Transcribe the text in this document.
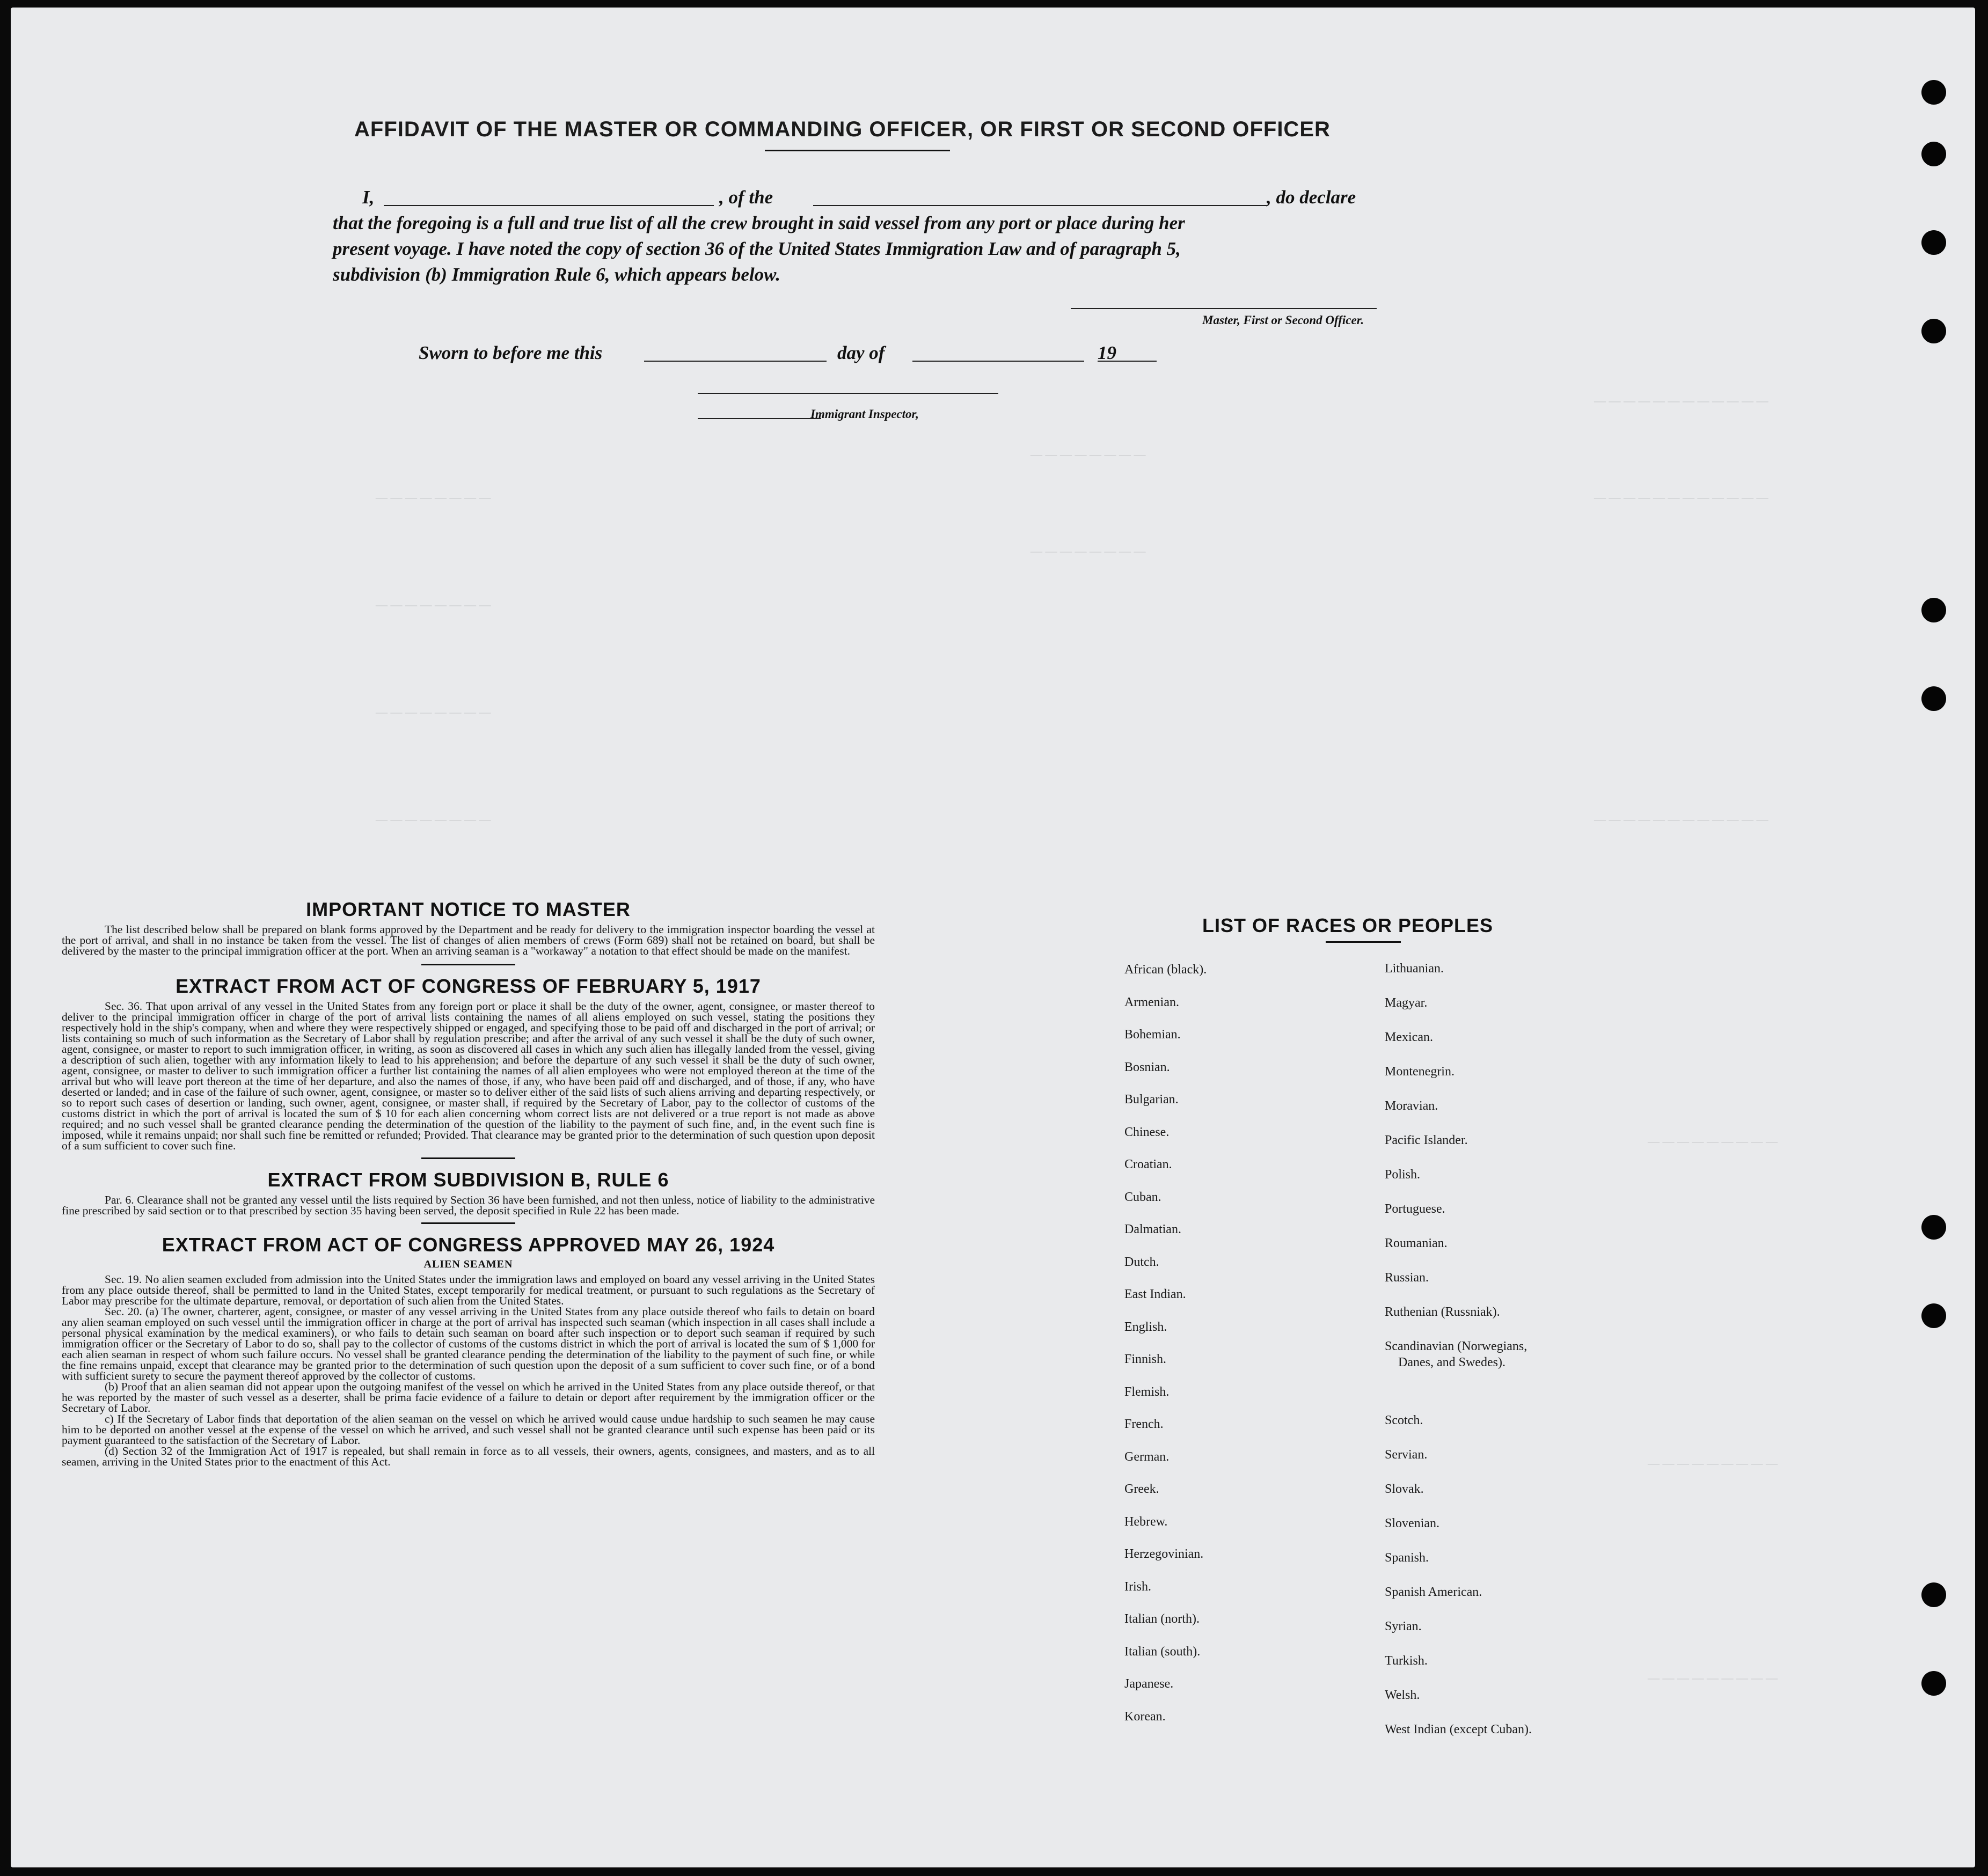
— — — — — — — — — — — —
— — — — — — — — — — — —
— — — — — — — —
— — — — — — — —
— — — — — — — —
— — — — — — — —
— — — — — — — —
— — — — — — — —	— — — — — — — — — — — —
— — — — — — — — —
— — — — — — — — —
— — — — — — — — —
AFFIDAVIT OF THE MASTER OR COMMANDING OFFICER, OR FIRST OR SECOND OFFICER
I,	, of the	, do declare
that the foregoing is a full and true list of all the crew brought in said vessel from any port or place during her
present voyage. I have noted the copy of section 36 of the United States Immigration Law and of paragraph 5,
subdivision (b) Immigration Rule 6, which appears below.
Master, First or Second Officer.
Sworn to before me this	day of	19
Immigrant Inspector,
IMPORTANT NOTICE TO MASTER

The list described below shall be prepared on blank forms approved by the Department and be ready for delivery to the immigration inspector boarding the vessel at the port of arrival, and shall in no instance be taken from the vessel. The list of changes of alien members of crews (Form 689) shall not be retained on board, but shall be delivered by the master to the principal immigration officer at the port. When an arriving seaman is a "workaway" a notation to that effect should be made on the manifest.

EXTRACT FROM ACT OF CONGRESS OF FEBRUARY 5, 1917

Sec. 36. That upon arrival of any vessel in the United States from any foreign port or place it shall be the duty of the owner, agent, consignee, or master thereof to deliver to the principal immigration officer in charge of the port of arrival lists containing the names of all aliens employed on such vessel, stating the positions they respectively hold in the ship's company, when and where they were respectively shipped or engaged, and specifying those to be paid off and discharged in the port of arrival; or lists containing so much of such information as the Secretary of Labor shall by regulation prescribe; and after the arrival of any such vessel it shall be the duty of such owner, agent, consignee, or master to report to such immigration officer, in writing, as soon as discovered all cases in which any such alien has illegally landed from the vessel, giving a description of such alien, together with any information likely to lead to his apprehension; and before the departure of any such vessel it shall be the duty of such owner, agent, consignee, or master to deliver to such immigration officer a further list containing the names of all alien employees who were not employed thereon at the time of the arrival but who will leave port thereon at the time of her departure, and also the names of those, if any, who have been paid off and discharged, and of those, if any, who have deserted or landed; and in case of the failure of such owner, agent, consignee, or master so to deliver either of the said lists of such aliens arriving and departing respectively, or so to report such cases of desertion or landing, such owner, agent, consignee, or master shall, if required by the Secretary of Labor, pay to the collector of customs of the customs district in which the port of arrival is located the sum of $ 10 for each alien concerning whom correct lists are not delivered or a true report is not made as above required; and no such vessel shall be granted clearance pending the determination of the question of the liability to the payment of such fine, and, in the event such fine is imposed, while it remains unpaid; nor shall such fine be remitted or refunded; Provided. That clearance may be granted prior to the determination of such question upon deposit of a sum sufficient to cover such fine.

EXTRACT FROM SUBDIVISION B, RULE 6

Par. 6. Clearance shall not be granted any vessel until the lists required by Section 36 have been furnished, and not then unless, notice of liability to the administrative fine prescribed by said section or to that prescribed by section 35 having been served, the deposit specified in Rule 22 has been made.

EXTRACT FROM ACT OF CONGRESS APPROVED MAY 26, 1924
ALIEN SEAMEN

Sec. 19. No alien seamen excluded from admission into the United States under the immigration laws and employed on board any vessel arriving in the United States from any place outside thereof, shall be permitted to land in the United States, except temporarily for medical treatment, or pursuant to such regulations as the Secretary of Labor may prescribe for the ultimate departure, removal, or deportation of such alien from the United States.

Sec. 20. (a) The owner, charterer, agent, consignee, or master of any vessel arriving in the United States from any place outside thereof who fails to detain on board any alien seaman employed on such vessel until the immigration officer in charge at the port of arrival has inspected such seaman (which inspection in all cases shall include a personal physical examination by the medical examiners), or who fails to detain such seaman on board after such inspection or to deport such seaman if required by such immigration officer or the Secretary of Labor to do so, shall pay to the collector of customs of the customs district in which the port of arrival is located the sum of $ 1,000 for each alien seaman in respect of whom such failure occurs. No vessel shall be granted clearance pending the determination of the liability to the payment of such fine, or while the fine remains unpaid, except that clearance may be granted prior to the determination of such question upon the deposit of a sum sufficient to cover such fine, or of a bond with sufficient surety to secure the payment thereof approved by the collector of customs.

(b) Proof that an alien seaman did not appear upon the outgoing manifest of the vessel on which he arrived in the United States from any place outside thereof, or that he was reported by the master of such vessel as a deserter, shall be prima facie evidence of a failure to detain or deport after requirement by the immigration officer or the Secretary of Labor.

c) If the Secretary of Labor finds that deportation of the alien seaman on the vessel on which he arrived would cause undue hardship to such seamen he may cause him to be deported on another vessel at the expense of the vessel on which he arrived, and such vessel shall not be granted clearance until such expense has been paid or its payment guaranteed to the satisfaction of the Secretary of Labor.

(d) Section 32 of the Immigration Act of 1917 is repealed, but shall remain in force as to all vessels, their owners, agents, consignees, and masters, and as to all seamen, arriving in the United States prior to the enactment of this Act.

LIST OF RACES OR PEOPLES
African (black).
Armenian.
Bohemian.
Bosnian.
Bulgarian.
Chinese.
Croatian.
Cuban.
Dalmatian.
Dutch.
East Indian.
English.
Finnish.
Flemish.
French.
German.
Greek.
Hebrew.
Herzegovinian.
Irish.
Italian (north).
Italian (south).
Japanese.
Korean.
Lithuanian.
Magyar.
Mexican.
Montenegrin.
Moravian.
Pacific Islander.
Polish.
Portuguese.
Roumanian.
Russian.
Ruthenian (Russniak).
Scandinavian (Norwegians,
Danes, and Swedes).
Scotch.
Servian.
Slovak.
Slovenian.
Spanish.
Spanish American.
Syrian.
Turkish.
Welsh.
West Indian (except Cuban).
